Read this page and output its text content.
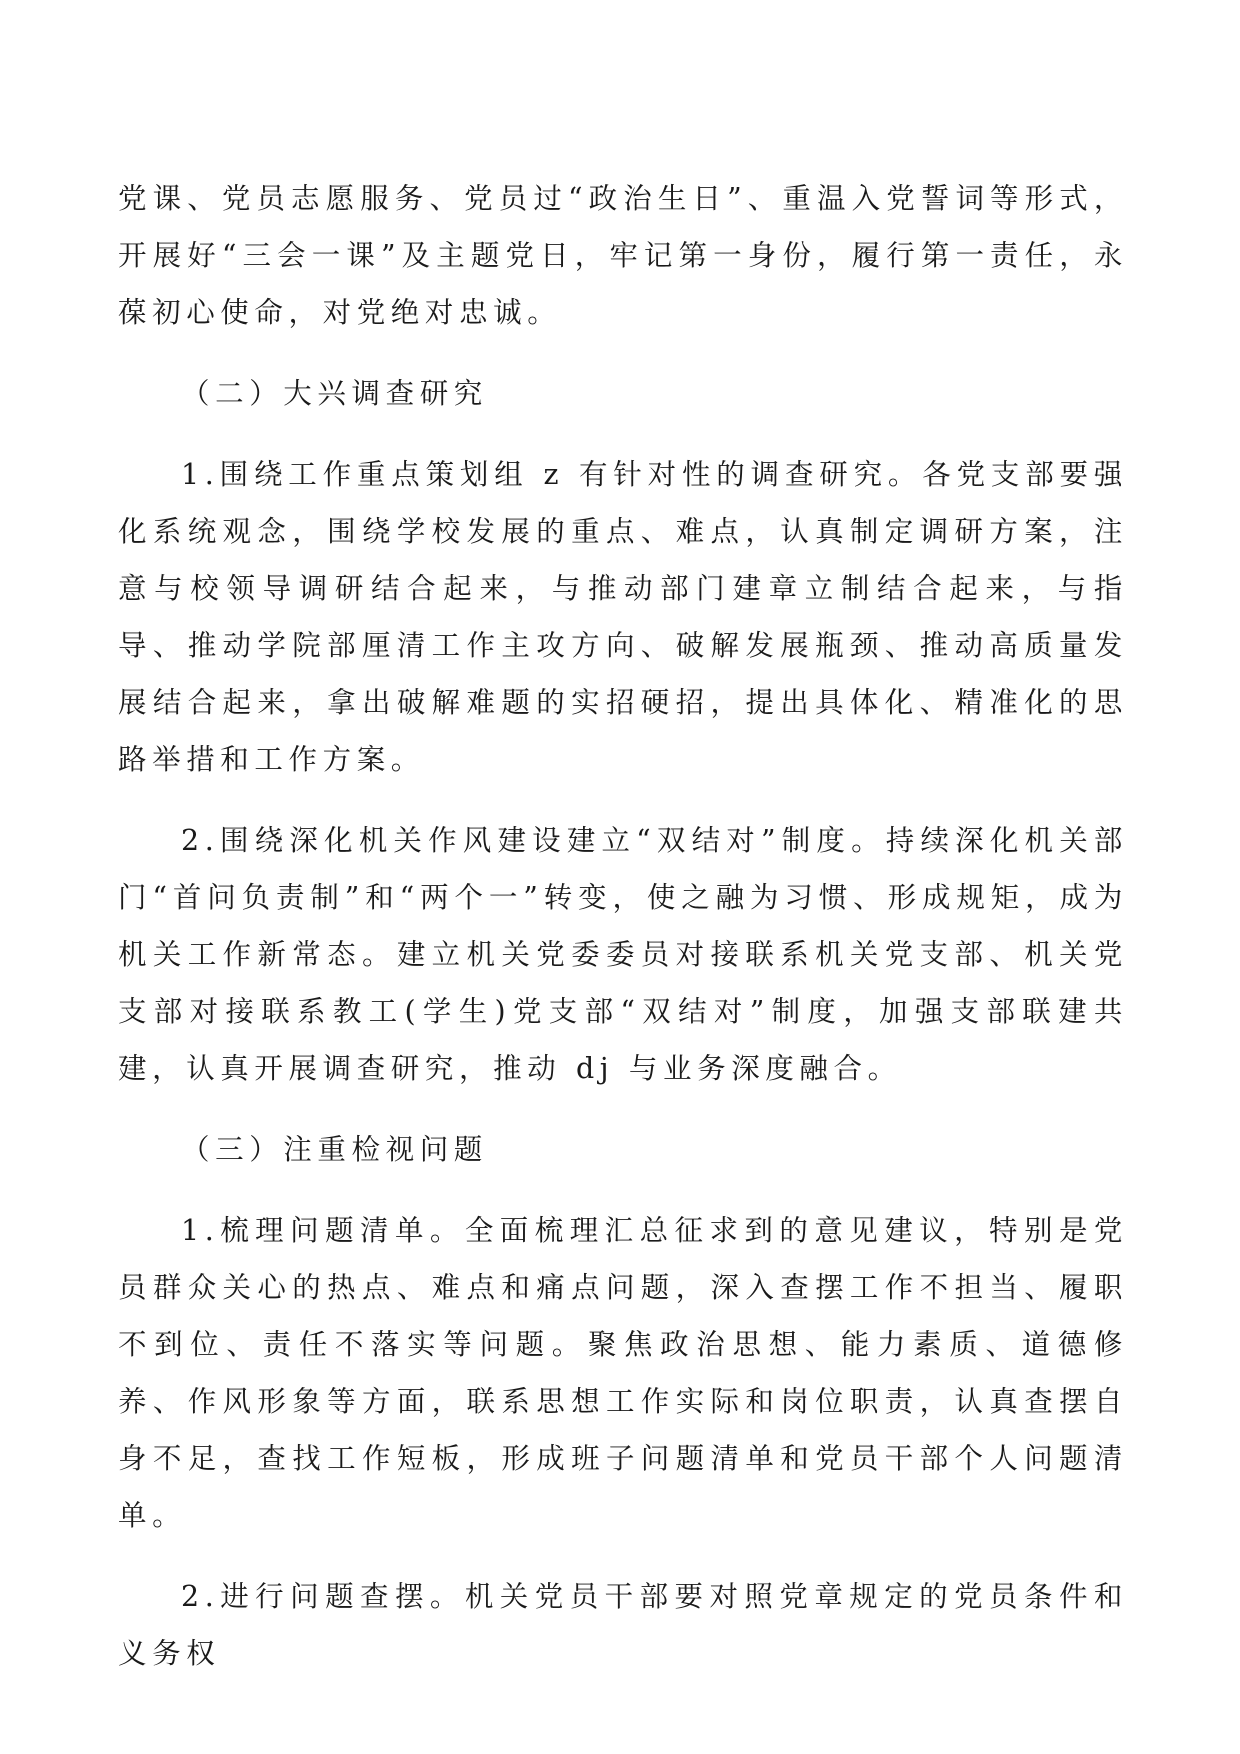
党课、党员志愿服务、党员过“政治生日”、重温入党誓词等形式，开展好“三会一课”及主题党日，牢记第一身份，履行第一责任，永葆初心使命，对党绝对忠诚。

（二）大兴调查研究

1.围绕工作重点策划组 z 有针对性的调查研究。各党支部要强化系统观念，围绕学校发展的重点、难点，认真制定调研方案，注意与校领导调研结合起来，与推动部门建章立制结合起来，与指导、推动学院部厘清工作主攻方向、破解发展瓶颈、推动高质量发展结合起来，拿出破解难题的实招硬招，提出具体化、精准化的思路举措和工作方案。

2.围绕深化机关作风建设建立“双结对”制度。持续深化机关部门“首问负责制”和“两个一”转变，使之融为习惯、形成规矩，成为机关工作新常态。建立机关党委委员对接联系机关党支部、机关党支部对接联系教工(学生)党支部“双结对”制度，加强支部联建共建，认真开展调查研究，推动 dj 与业务深度融合。

（三）注重检视问题

1.梳理问题清单。全面梳理汇总征求到的意见建议，特别是党员群众关心的热点、难点和痛点问题，深入查摆工作不担当、履职不到位、责任不落实等问题。聚焦政治思想、能力素质、道德修养、作风形象等方面，联系思想工作实际和岗位职责，认真查摆自身不足，查找工作短板，形成班子问题清单和党员干部个人问题清单。

2.进行问题查摆。机关党员干部要对照党章规定的党员条件和义务权
